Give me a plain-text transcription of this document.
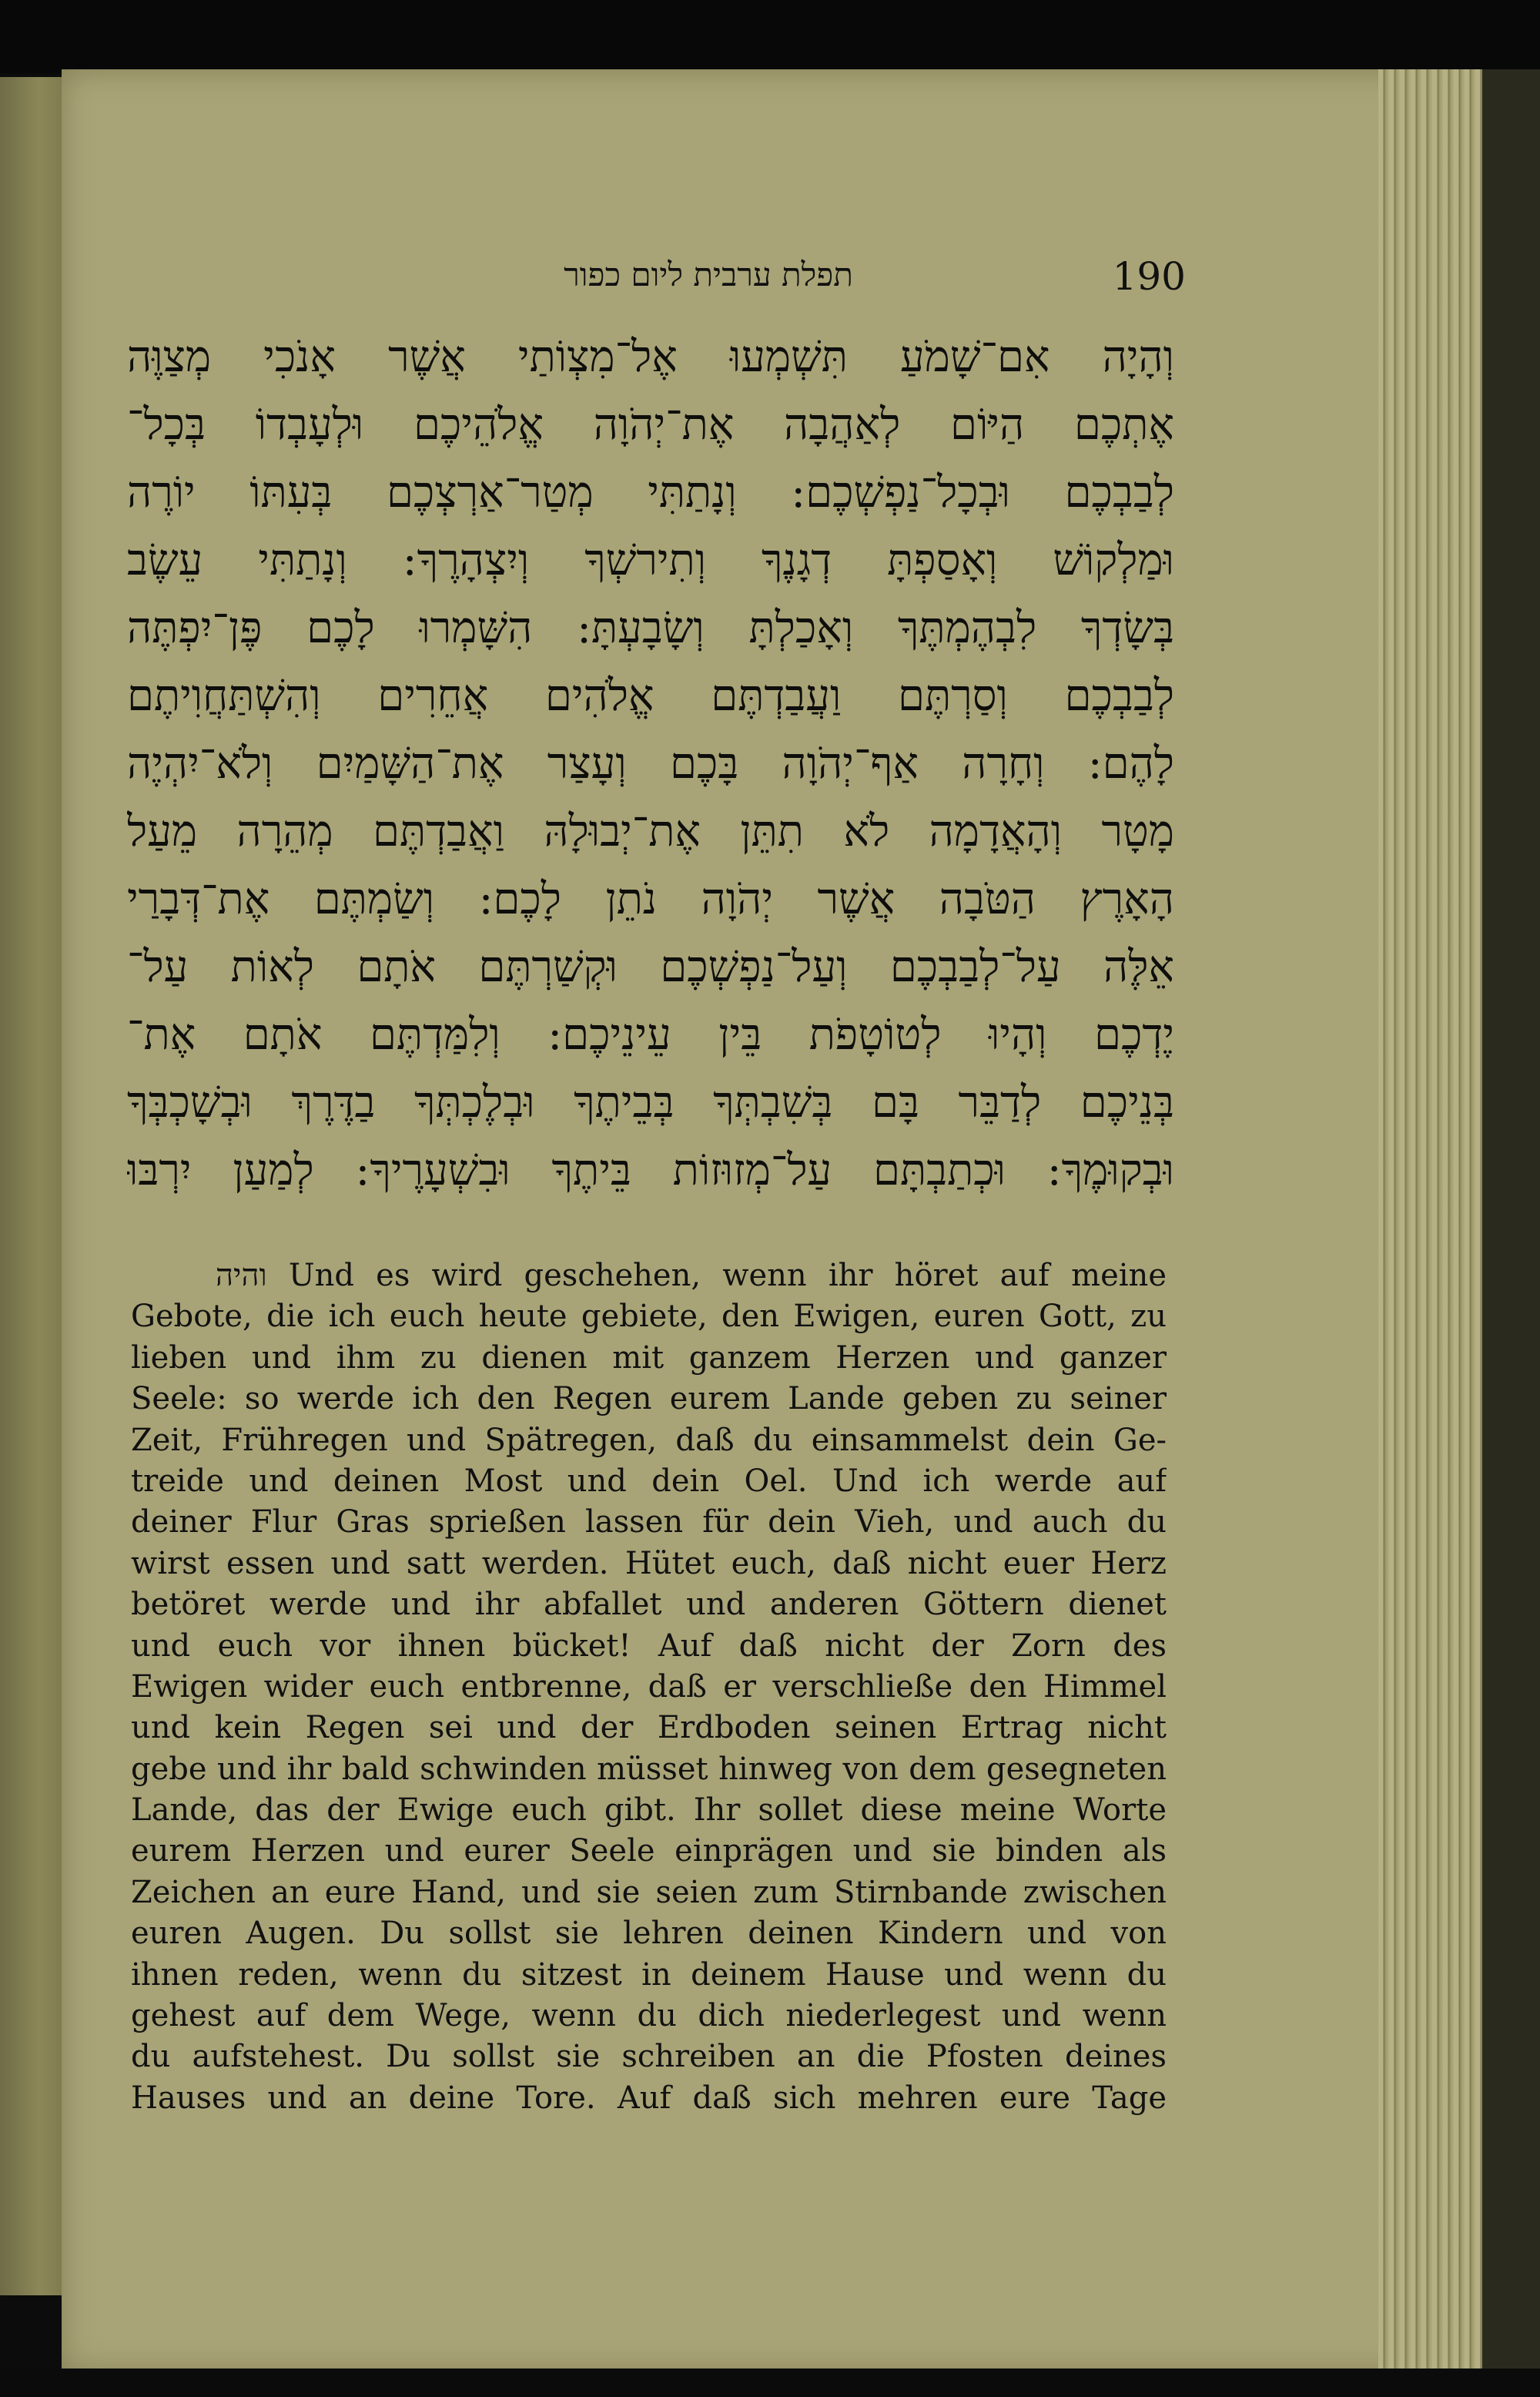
תפלת ערבית ליום כפור	190
וְהָיָה אִם־שָׁמֹעַ תִּשְׁמְעוּ אֶל־מִצְוֹתַי אֲשֶׁר אָנֹכִי מְצַוֶּה
אֶתְכֶם הַיּוֹם לְאַהֲבָה אֶת־יְהֹוָה אֱלֹהֵיכֶם וּלְעָבְדוֹ בְּכָל־
לְבַבְכֶם וּבְכָל־נַפְשְׁכֶם: וְנָתַתִּי מְטַר־אַרְצְכֶם בְּעִתּוֹ יוֹרֶה
וּמַלְקוֹשׁ וְאָסַפְתָּ דְגָנֶךָ וְתִירשְׁךָ וְיִצְהָרֶךָ: וְנָתַתִּי עֵשֶׂב
בְּשָׂדְךָ לִבְהֶמְתֶּךָ וְאָכַלְתָּ וְשָׂבָעְתָּ: הִשָּׁמְרוּ לָכֶם פֶּן־יִפְתֶּה
לְבַבְכֶם וְסַרְתֶּם וַעֲבַדְתֶּם אֱלֹהִים אֲחֵרִים וְהִשְׁתַּחֲוִיתֶם
לָהֶם: וְחָרָה אַף־יְהֹוָה בָּכֶם וְעָצַר אֶת־הַשָּׁמַיִם וְלֹא־יִהְיֶה
מָטָר וְהָאֲדָמָה לֹא תִתֵּן אֶת־יְבוּלָהּ וַאֲבַדְתֶּם מְהֵרָה מֵעַל
הָאָרֶץ הַטֹּבָה אֲשֶׁר יְהֹוָה נֹתֵן לָכֶם: וְשַׂמְתֶּם אֶת־דְּבָרַי
אֵלֶּה עַל־לְבַבְכֶם וְעַל־נַפְשְׁכֶם וּקְשַׁרְתֶּם אֹתָם לְאוֹת עַל־
יֶדְכֶם וְהָיוּ לְטוֹטָפֹת בֵּין עֵינֵיכֶם: וְלִמַּדְתֶּם אֹתָם אֶת־
בְּנֵיכֶם לְדַבֵּר בָּם בְּשִׁבְתְּךָ בְּבֵיתֶךָ וּבְלֶכְתְּךָ בַדֶּרֶךְ וּבְשָׁכְבְּךָ
וּבְקוּמֶךָ: וּכְתַבְתָּם עַל־מְזוּזוֹת בֵּיתֶךָ וּבִשְׁעָרֶיךָ: לְמַעַן יִרְבּוּ
והיה Und es wird geschehen, wenn ihr höret auf meine
Gebote, die ich euch heute gebiete, den Ewigen, euren Gott, zu
lieben und ihm zu dienen mit ganzem Herzen und ganzer
Seele: so werde ich den Regen eurem Lande geben zu seiner
Zeit, Frühregen und Spätregen, daß du einsammelst dein Ge-
treide und deinen Most und dein Oel. Und ich werde auf
deiner Flur Gras sprießen lassen für dein Vieh, und auch du
wirst essen und satt werden. Hütet euch, daß nicht euer Herz
betöret werde und ihr abfallet und anderen Göttern dienet
und euch vor ihnen bücket! Auf daß nicht der Zorn des
Ewigen wider euch entbrenne, daß er verschließe den Himmel
und kein Regen sei und der Erdboden seinen Ertrag nicht
gebe und ihr bald schwinden müsset hinweg von dem gesegneten
Lande, das der Ewige euch gibt. Ihr sollet diese meine Worte
eurem Herzen und eurer Seele einprägen und sie binden als
Zeichen an eure Hand, und sie seien zum Stirnbande zwischen
euren Augen. Du sollst sie lehren deinen Kindern und von
ihnen reden, wenn du sitzest in deinem Hause und wenn du
gehest auf dem Wege, wenn du dich niederlegest und wenn
du aufstehest. Du sollst sie schreiben an die Pfosten deines
Hauses und an deine Tore. Auf daß sich mehren eure Tage
